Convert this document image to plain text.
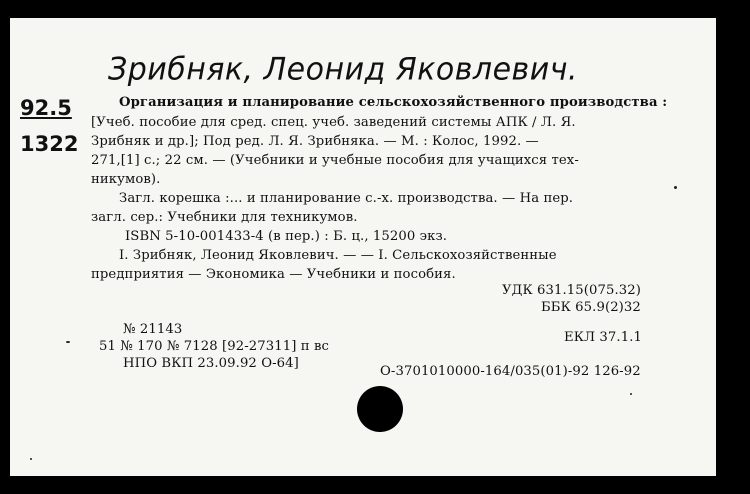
Зрибняк, Леонид Яковлевич.
92.5
1322
Организация и планирование сельскохозяйственного производства :
[Учеб. пособие для сред. спец. учеб. заведений системы АПК / Л. Я.
Зрибняк и др.]; Под ред. Л. Я. Зрибняка. — М. : Колос, 1992. —
271,[1] с.; 22 см. — (Учебники и учебные пособия для учащихся тех-
никумов).
Загл. корешка :... и планирование с.-х. производства. — На пер.
загл. сер.: Учебники для техникумов.
ISBN 5-10-001433-4 (в пер.) : Б. ц., 15200 экз.
I. Зрибняк, Леонид Яковлевич. — — I. Сельскохозяйственные
предприятия — Экономика — Учебники и пособия.
УДК 631.15(075.32)
ББК 65.9(2)32
№ 21143
ЕКЛ 37.1.1
51 № 170 № 7128 [92-27311] п вс
НПО ВКП 23.09.92 О-64]
О-3701010000-164/035(01)-92 126-92
